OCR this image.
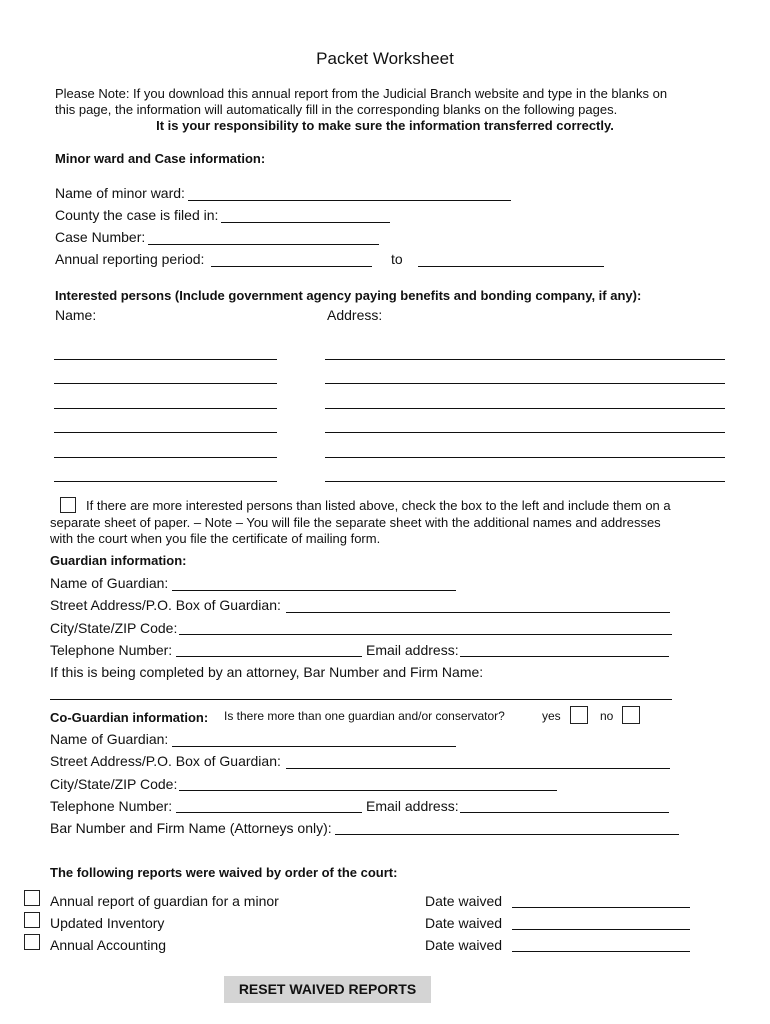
Packet Worksheet
Please Note: If you download this annual report from the Judicial Branch website and type in the blanks on
this page, the information will automatically fill in the corresponding blanks on the following pages.
It is your responsibility to make sure the information transferred correctly.
Minor ward and Case information:
Name of minor ward:
County the case is filed in:
Case Number:
Annual reporting period:	to
Interested persons (Include government agency paying benefits and bonding company, if any):
Name:	Address:
If there are more interested persons than listed above, check the box to the left and include them on a
separate sheet of paper. – Note – You will file the separate sheet with the additional names and addresses
with the court when you file the certificate of mailing form.
Guardian information:
Name of Guardian:
Street Address/P.O. Box of Guardian:
City/State/ZIP Code:
Telephone Number:	Email address:
If this is being completed by an attorney, Bar Number and Firm Name:
Co-Guardian information: Is there more than one guardian and/or conservator?	yes	no
Name of Guardian:
Street Address/P.O. Box of Guardian:
City/State/ZIP Code:
Telephone Number:	Email address:
Bar Number and Firm Name (Attorneys only):
The following reports were waived by order of the court:
Annual report of guardian for a minor	Date waived
Updated Inventory	Date waived
Annual Accounting	Date waived
RESET WAIVED REPORTS
